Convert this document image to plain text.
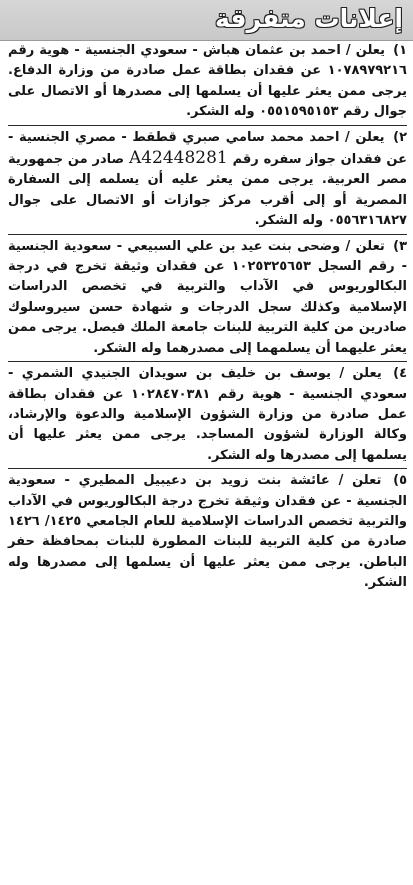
إعلانات متفرقة

١) يعلن / احمد بن عثمان هباش - سعودي الجنسية - هوية رقم ١٠٧٨٩٧٩٢١٦ عن فقدان بطاقة عمل صادرة من وزارة الدفاع. يرجى ممن يعثر عليها أن يسلمها إلى مصدرها أو الاتصال على جوال رقم ٠٥٥١٥٩٥١٥٣ وله الشكر.

٢) يعلن / احمد محمد سامي صبري قطقط - مصري الجنسية - عن فقدان جواز سفره رقم A42448281 صادر من جمهورية مصر العربية. يرجى ممن يعثر عليه أن يسلمه إلى السفارة المصرية أو إلى أقرب مركز جوازات أو الاتصال على جوال ٠٥٥٦٣١٦٨٢٧ وله الشكر.

٣) تعلن / وضحى بنت عيد بن علي السبيعي - سعودية الجنسية - رقم السجل ١٠٢٥٣٢٥٦٥٣ عن فقدان وثيقة تخرج في درجة البكالوريوس في الآداب والتربية في تخصص الدراسات الإسلامية وكذلك سجل الدرجات و شهادة حسن سيروسلوك صادرين من كلية التربية للبنات جامعة الملك فيصل. يرجى ممن يعثر عليهما أن يسلمهما إلى مصدرهما وله الشكر.

٤) يعلن / يوسف بن خليف بن سويدان الجنيدي الشمري - سعودي الجنسية - هوية رقم ١٠٢٨٤٧٠٣٨١ عن فقدان بطاقة عمل صادرة من وزارة الشؤون الإسلامية والدعوة والإرشاد، وكالة الوزارة لشؤون المساجد. يرجى ممن يعثر عليها أن يسلمها إلى مصدرها وله الشكر.

٥) تعلن / عائشة بنت زويد بن دعيبيل المطيري - سعودية الجنسية - عن فقدان وثيقة تخرج درجة البكالوريوس في الآداب والتربية تخصص الدراسات الإسلامية للعام الجامعي ١٤٢٥/ ١٤٢٦ صادرة من كلية التربية للبنات المطورة للبنات بمحافظة حفر الباطن. يرجى ممن يعثر عليها أن يسلمها إلى مصدرها وله الشكر.
